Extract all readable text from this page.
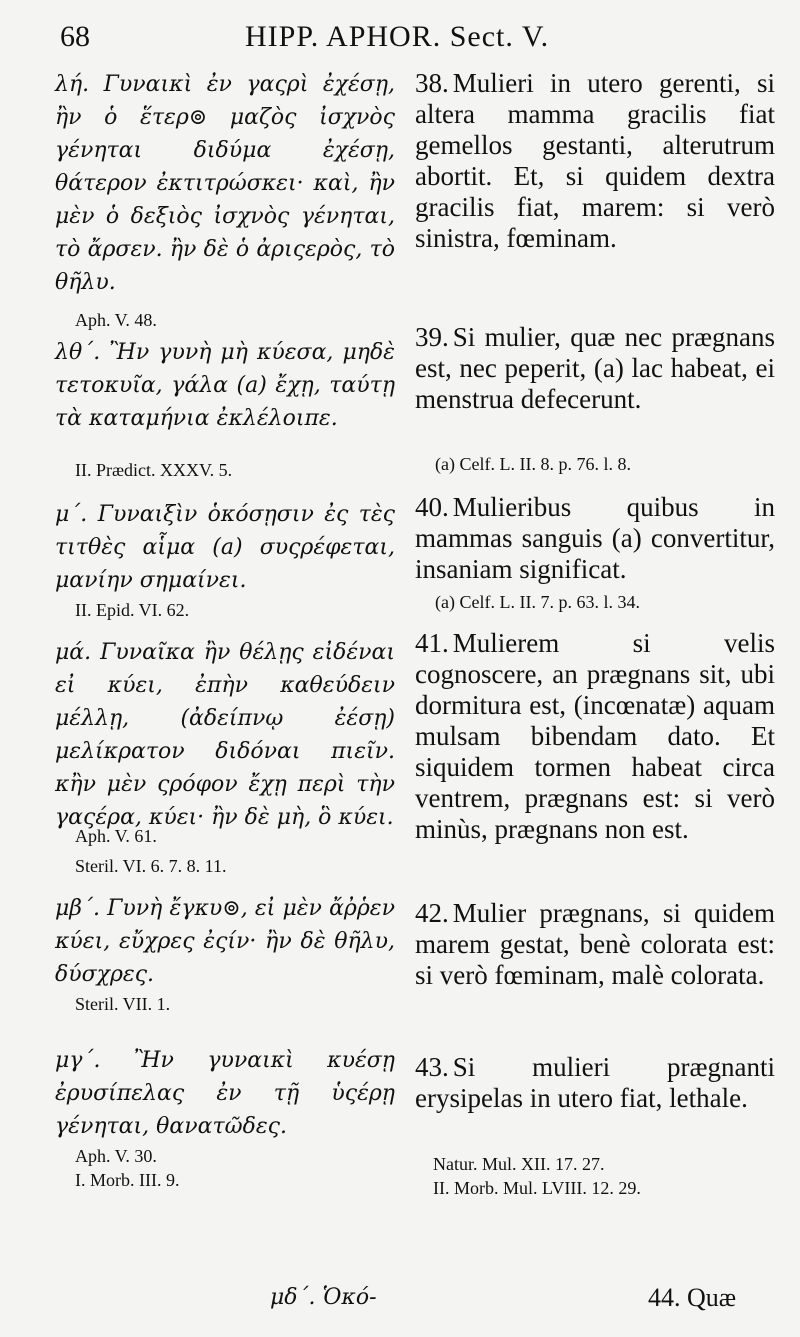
68	HIPP. APHOR. Sect. V.

λή. Γυναικὶ ἐν γαςρὶ ἐχέσῃ, ἢν ὁ ἕτερ⊚ μαζὸς ἰσχνὸς γένηται διδύμα ἐχέσῃ, θάτερον ἐκτιτρώσκει· καὶ, ἢν μὲν ὁ δεξιὸς ἰσχνὸς γένηται, τὸ ἄρσεν. ἢν δὲ ὁ ἀριςερὸς, τὸ θῆλυ.

Aph. V. 48.

λθ΄. Ἢν γυνὴ μὴ κύεσα, μηδὲ τετοκυῖα, γάλα (a) ἔχῃ, ταύτῃ τὰ καταμήνια ἐκλέλοιπε.

II. Prædict. XXXV. 5.

μ΄. Γυναιξὶν ὁκόσῃσιν ἐς τὲς τιτθὲς αἷμα (a) συςρέφεται, μανίην σημαίνει.

II. Epid. VI. 62.

μά. Γυναῖκα ἢν θέλῃς εἰδέναι εἰ κύει, ἐπὴν καθεύδειν μέλλῃ, (ἀδείπνῳ ἐέσῃ) μελίκρατον διδόναι πιεῖν. κἢν μὲν ςρόφον ἔχῃ περὶ τὴν γαςέρα, κύει· ἢν δὲ μὴ, ὃ κύει.

Aph. V. 61.
Steril. VI. 6. 7. 8. 11.

μβ΄. Γυνὴ ἔγκυ⊚, εἰ μὲν ἄῤῥεν κύει, εὔχρες ἐςίν· ἢν δὲ θῆλυ, δύσχρες.

Steril. VII. 1.

μγ΄. Ἢν γυναικὶ κυέσῃ ἐρυσίπελας ἐν τῇ ὑςέρῃ γένηται, θανατῶδες.

Aph. V. 30.
I. Morb. III. 9.

38. Mulieri in utero gerenti, si altera mamma gracilis fiat gemellos gestanti, alterutrum abortit. Et, si quidem dextra gracilis fiat, marem: si verò sinistra, fœminam.

39. Si mulier, quæ nec prægnans est, nec peperit, (a) lac habeat, ei menstrua defecerunt.

(a) Celf. L. II. 8. p. 76. l. 8.

40. Mulieribus quibus in mammas sanguis (a) convertitur, insaniam significat.

(a) Celf. L. II. 7. p. 63. l. 34.

41. Mulierem si velis cognoscere, an prægnans sit, ubi dormitura est, (incœnatæ) aquam mulsam bibendam dato. Et siquidem tormen habeat circa ventrem, prægnans est: si verò minùs, prægnans non est.

42. Mulier prægnans, si quidem marem gestat, benè colorata est: si verò fœminam, malè colorata.

43. Si mulieri prægnanti erysipelas in utero fiat, lethale.

Natur. Mul. XII. 17. 27.
II. Morb. Mul. LVIII. 12. 29.
μδ΄. Ὁκό-	44. Quæ
